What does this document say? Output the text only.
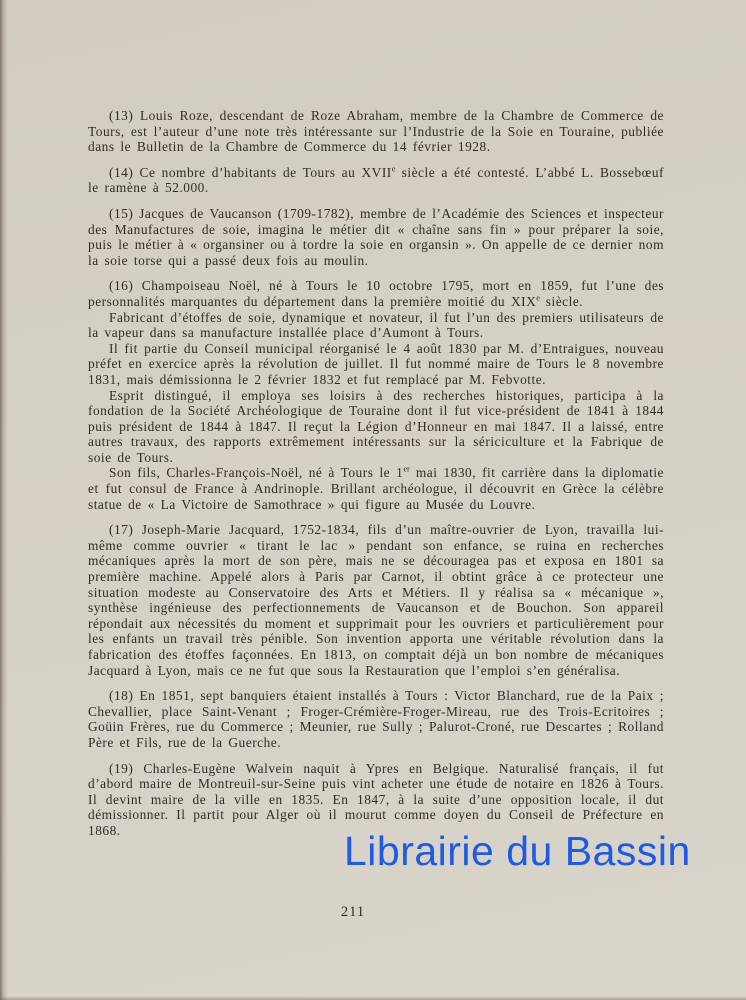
(13) Louis Roze, descendant de Roze Abraham, membre de la Chambre de Commerce de Tours, est l’auteur d’une note très intéressante sur l’Industrie de la Soie en Touraine, publiée dans le Bulletin de la Chambre de Commerce du 14 février 1928.

(14) Ce nombre d’habitants de Tours au XVIIe siècle a été contesté. L’abbé L. Bossebœuf le ramène à 52.000.

(15) Jacques de Vaucanson (1709-1782), membre de l’Académie des Sciences et inspecteur des Manufactures de soie, imagina le métier dit « chaîne sans fin » pour préparer la soie, puis le métier à « organsiner ou à tordre la soie en organsin ». On appelle de ce dernier nom la soie torse qui a passé deux fois au moulin.

(16) Champoiseau Noël, né à Tours le 10 octobre 1795, mort en 1859, fut l’une des personnalités marquantes du département dans la première moitié du XIXe siècle.

Fabricant d’étoffes de soie, dynamique et novateur, il fut l’un des premiers utilisateurs de la vapeur dans sa manufacture installée place d’Aumont à Tours.

Il fit partie du Conseil municipal réorganisé le 4 août 1830 par M. d’Entraigues, nouveau préfet en exercice après la révolution de juillet. Il fut nommé maire de Tours le 8 novembre 1831, mais démissionna le 2 février 1832 et fut remplacé par M. Febvotte.

Esprit distingué, il employa ses loisirs à des recherches historiques, participa à la fondation de la Société Archéologique de Touraine dont il fut vice-président de 1841 à 1844 puis président de 1844 à 1847. Il reçut la Légion d’Honneur en mai 1847. Il a laissé, entre autres travaux, des rapports extrêmement intéressants sur la sériciculture et la Fabrique de soie de Tours.

Son fils, Charles-François-Noël, né à Tours le 1er mai 1830, fit carrière dans la diplomatie et fut consul de France à Andrinople. Brillant archéologue, il découvrit en Grèce la célèbre statue de « La Victoire de Samothrace » qui figure au Musée du Louvre.

(17) Joseph-Marie Jacquard, 1752-1834, fils d’un maître-ouvrier de Lyon, travailla lui-même comme ouvrier « tirant le lac » pendant son enfance, se ruina en recherches mécaniques après la mort de son père, mais ne se découragea pas et exposa en 1801 sa première machine. Appelé alors à Paris par Carnot, il obtint grâce à ce protecteur une situation modeste au Conservatoire des Arts et Métiers. Il y réalisa sa « mécanique », synthèse ingénieuse des perfectionnements de Vaucanson et de Bouchon. Son appareil répondait aux nécessités du moment et supprimait pour les ouvriers et particulièrement pour les enfants un travail très pénible. Son invention apporta une véritable révolution dans la fabrication des étoffes façonnées. En 1813, on comptait déjà un bon nombre de mécaniques Jacquard à Lyon, mais ce ne fut que sous la Restauration que l’emploi s’en généralisa.

(18) En 1851, sept banquiers étaient installés à Tours : Victor Blanchard, rue de la Paix ; Chevallier, place Saint-Venant ; Froger-Crémière-Froger-Mireau, rue des Trois-Ecritoires ; Goüin Frères, rue du Commerce ; Meunier, rue Sully ; Palurot-Croné, rue Descartes ; Rolland Père et Fils, rue de la Guerche.

(19) Charles-Eugène Walvein naquit à Ypres en Belgique. Naturalisé français, il fut d’abord maire de Montreuil-sur-Seine puis vint acheter une étude de notaire en 1826 à Tours. Il devint maire de la ville en 1835. En 1847, à la suite d’une opposition locale, il dut démissionner. Il partit pour Alger où il mourut comme doyen du Conseil de Préfecture en 1868.	Librairie du Bassin
211
